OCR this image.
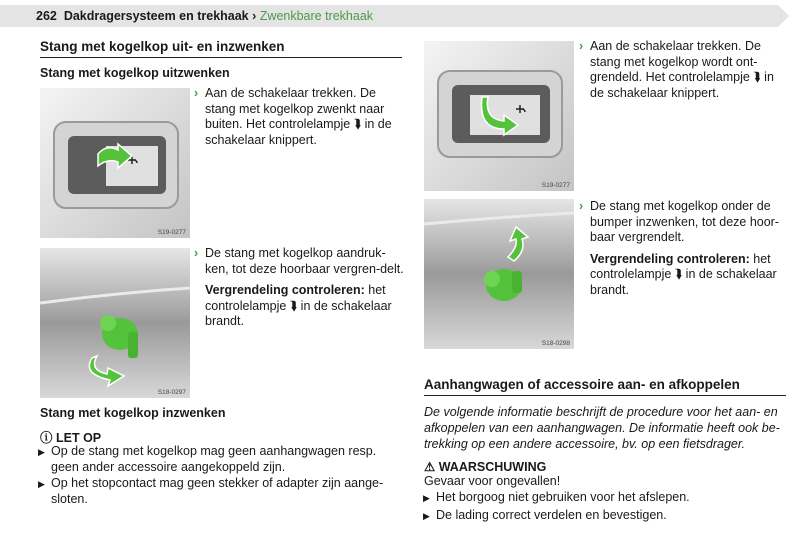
262 Dakdragersysteem en trekhaak › Zwenkbare trekhaak
Stang met kogelkop uit- en inzwenken
Stang met kogelkop uitzwenken
S19-0277
› Aan de schakelaar trekken. De stang met kogelkop zwenkt naar buiten. Het controlelampje ⮯ in de schakelaar knippert.

S18-0297
› De stang met kogelkop aandruk-ken, tot deze hoorbaar vergren-delt.

Vergrendeling controleren: het controlelampje ⮯ in de schakelaar brandt.

Stang met kogelkop inzwenken
ⓘ LET OP
▶ Op de stang met kogelkop mag geen aanhangwagen resp. geen ander accessoire aangekoppeld zijn.
▶ Op het stopcontact mag geen stekker of adapter zijn aange-sloten.
S19-0277
› Aan de schakelaar trekken. De stang met kogelkop wordt ont-grendeld. Het controlelampje ⮯ in de schakelaar knippert.

S18-0298
› De stang met kogelkop onder de bumper inzwenken, tot deze hoor-baar vergrendelt.

Vergrendeling controleren: het controlelampje ⮯ in de schakelaar brandt.

Aanhangwagen of accessoire aan- en afkoppelen
De volgende informatie beschrijft de procedure voor het aan- en afkoppelen van een aanhangwagen. De informatie heeft ook be-trekking op een andere accessoire, bv. op een fietsdrager.
⚠ WAARSCHUWING
Gevaar voor ongevallen!
▶ Het borgoog niet gebruiken voor het afslepen.
▶ De lading correct verdelen en bevestigen.
